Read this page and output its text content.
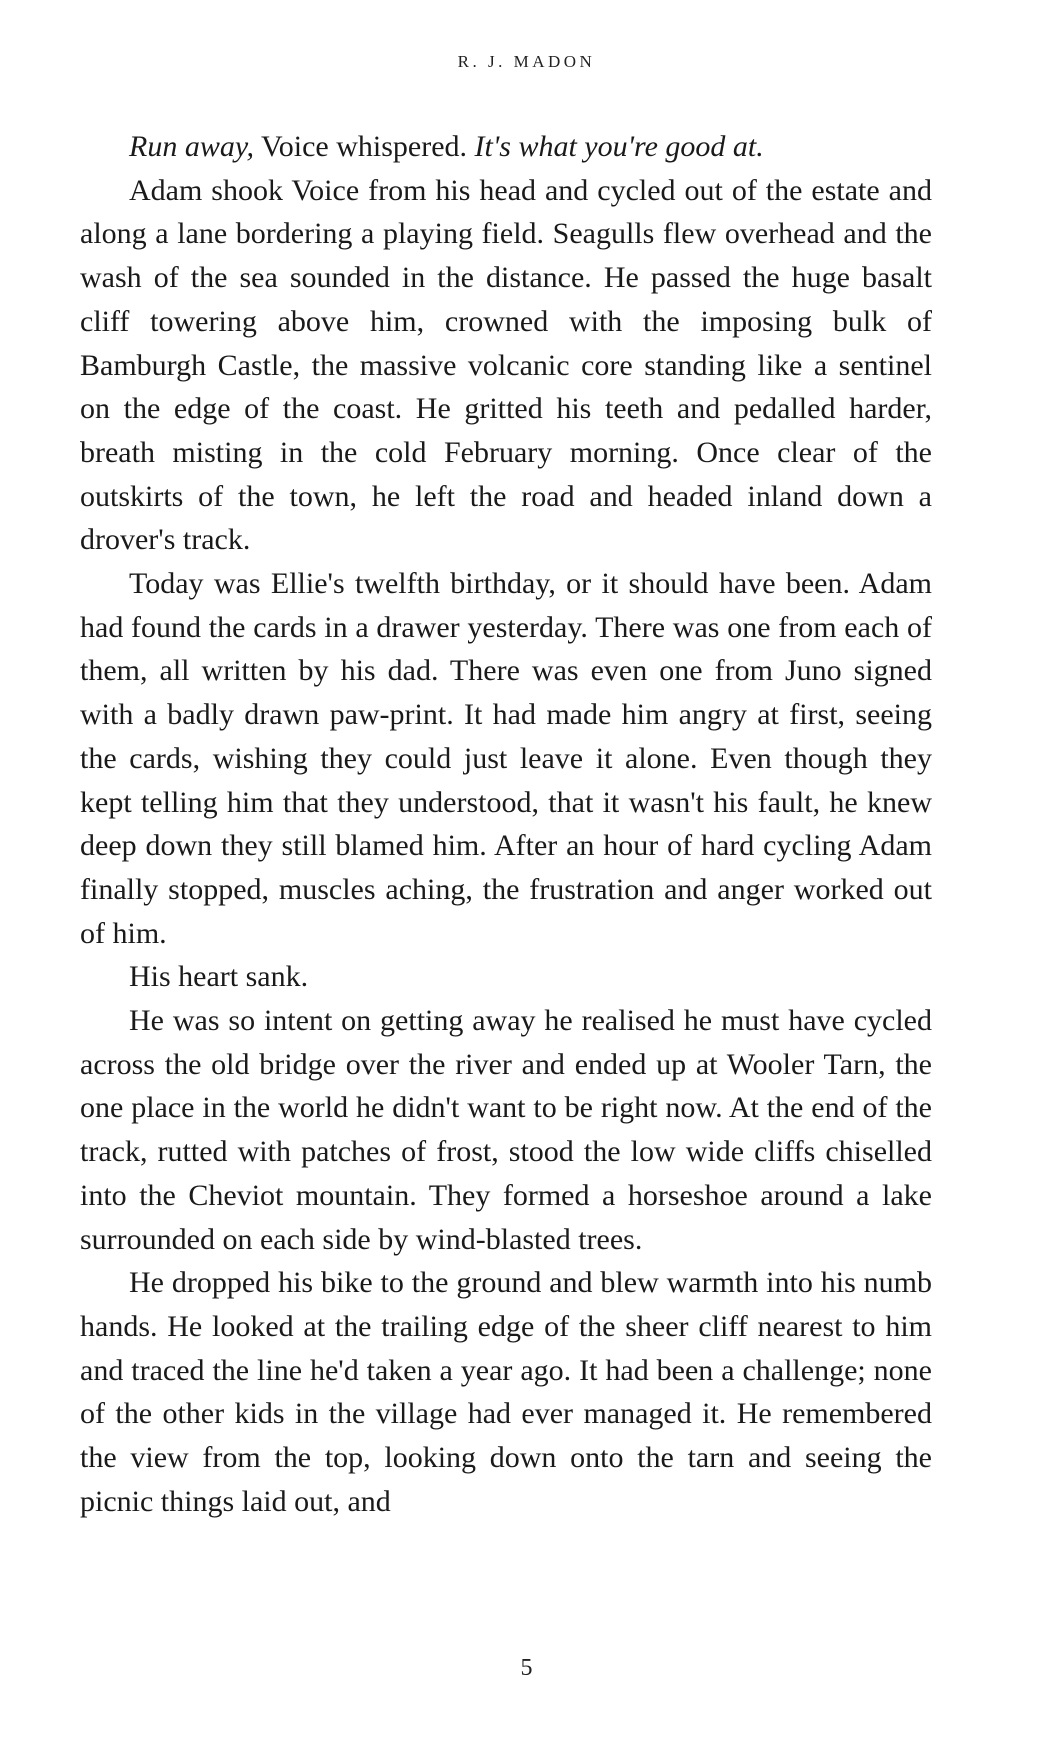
R. J. MADON

Run away, Voice whispered. It's what you're good at.

Adam shook Voice from his head and cycled out of the estate and along a lane bordering a playing field. Seagulls flew overhead and the wash of the sea sounded in the distance. He passed the huge basalt cliff towering above him, crowned with the imposing bulk of Bamburgh Castle, the massive volcanic core standing like a sentinel on the edge of the coast. He gritted his teeth and pedalled harder, breath misting in the cold February morning. Once clear of the outskirts of the town, he left the road and headed inland down a drover's track.

Today was Ellie's twelfth birthday, or it should have been. Adam had found the cards in a drawer yesterday. There was one from each of them, all written by his dad. There was even one from Juno signed with a badly drawn paw-print. It had made him angry at first, seeing the cards, wishing they could just leave it alone. Even though they kept telling him that they understood, that it wasn't his fault, he knew deep down they still blamed him. After an hour of hard cycling Adam finally stopped, muscles aching, the frustration and anger worked out of him.

His heart sank.

He was so intent on getting away he realised he must have cycled across the old bridge over the river and ended up at Wooler Tarn, the one place in the world he didn't want to be right now. At the end of the track, rutted with patches of frost, stood the low wide cliffs chiselled into the Cheviot mountain. They formed a horseshoe around a lake surrounded on each side by wind-blasted trees.

He dropped his bike to the ground and blew warmth into his numb hands. He looked at the trailing edge of the sheer cliff nearest to him and traced the line he'd taken a year ago. It had been a challenge; none of the other kids in the village had ever managed it. He remembered the view from the top, looking down onto the tarn and seeing the picnic things laid out, and

5
